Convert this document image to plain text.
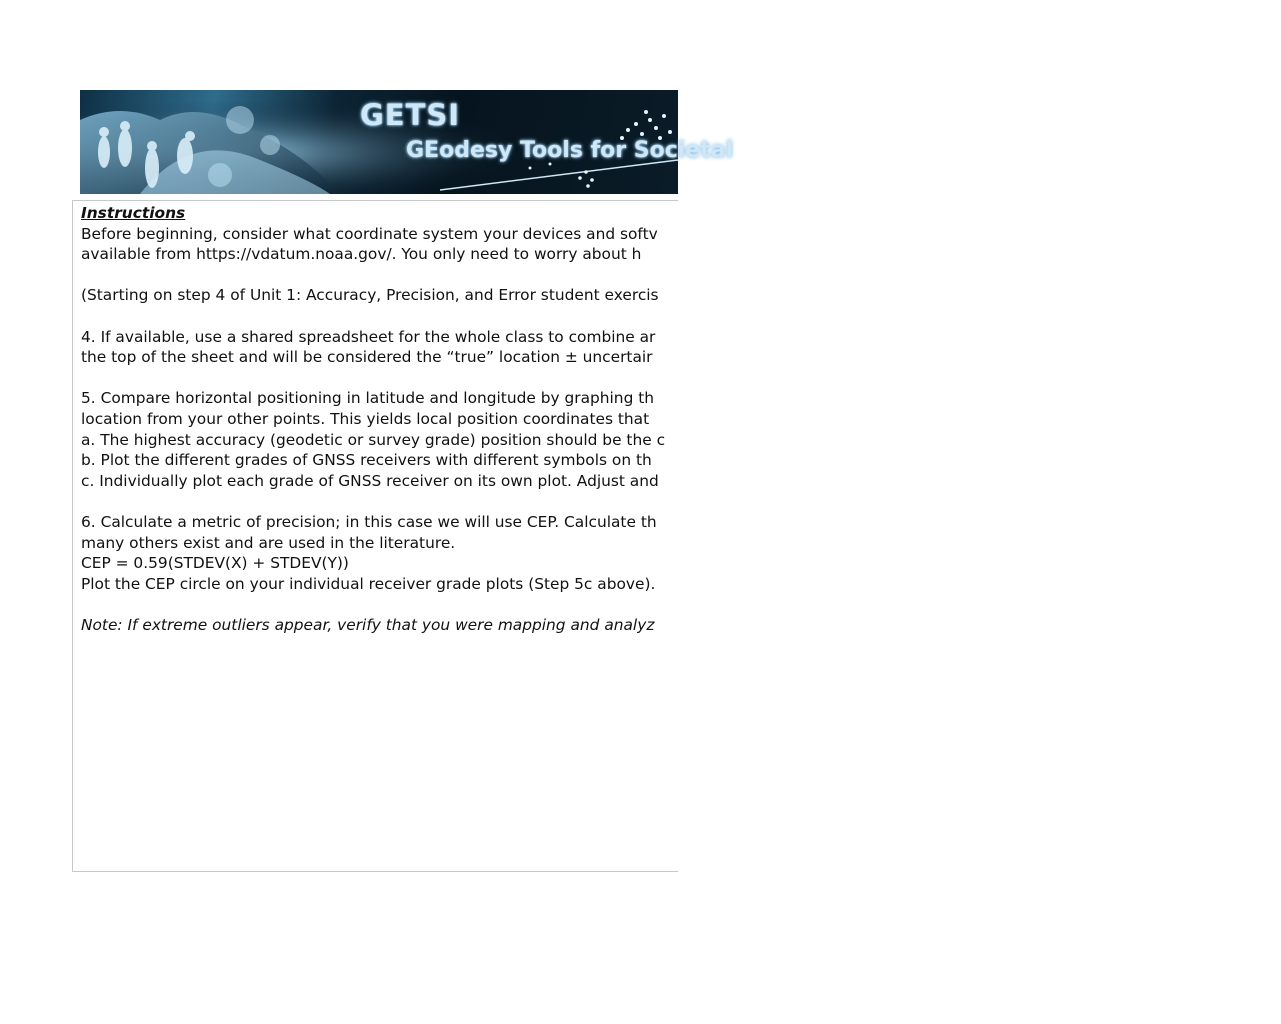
GETSI
GEodesy Tools for Societal
Instructions
Before beginning, consider what coordinate system your devices and softv
available from https://vdatum.noaa.gov/. You only need to worry about h
(Starting on step 4 of Unit 1: Accuracy, Precision, and Error student exercis
4. If available, use a shared spreadsheet for the whole class to combine ar
the top of the sheet and will be considered the “true” location ± uncertair
5. Compare horizontal positioning in latitude and longitude by graphing th
location from your other points. This yields local position coordinates that
a. The highest accuracy (geodetic or survey grade) position should be the c
b. Plot the different grades of GNSS receivers with different symbols on th
c. Individually plot each grade of GNSS receiver on its own plot. Adjust and
6. Calculate a metric of precision; in this case we will use CEP. Calculate th
many others exist and are used in the literature.
CEP = 0.59(STDEV(X) + STDEV(Y))
Plot the CEP circle on your individual receiver grade plots (Step 5c above).
Note: If extreme outliers appear, verify that you were mapping and analyz
